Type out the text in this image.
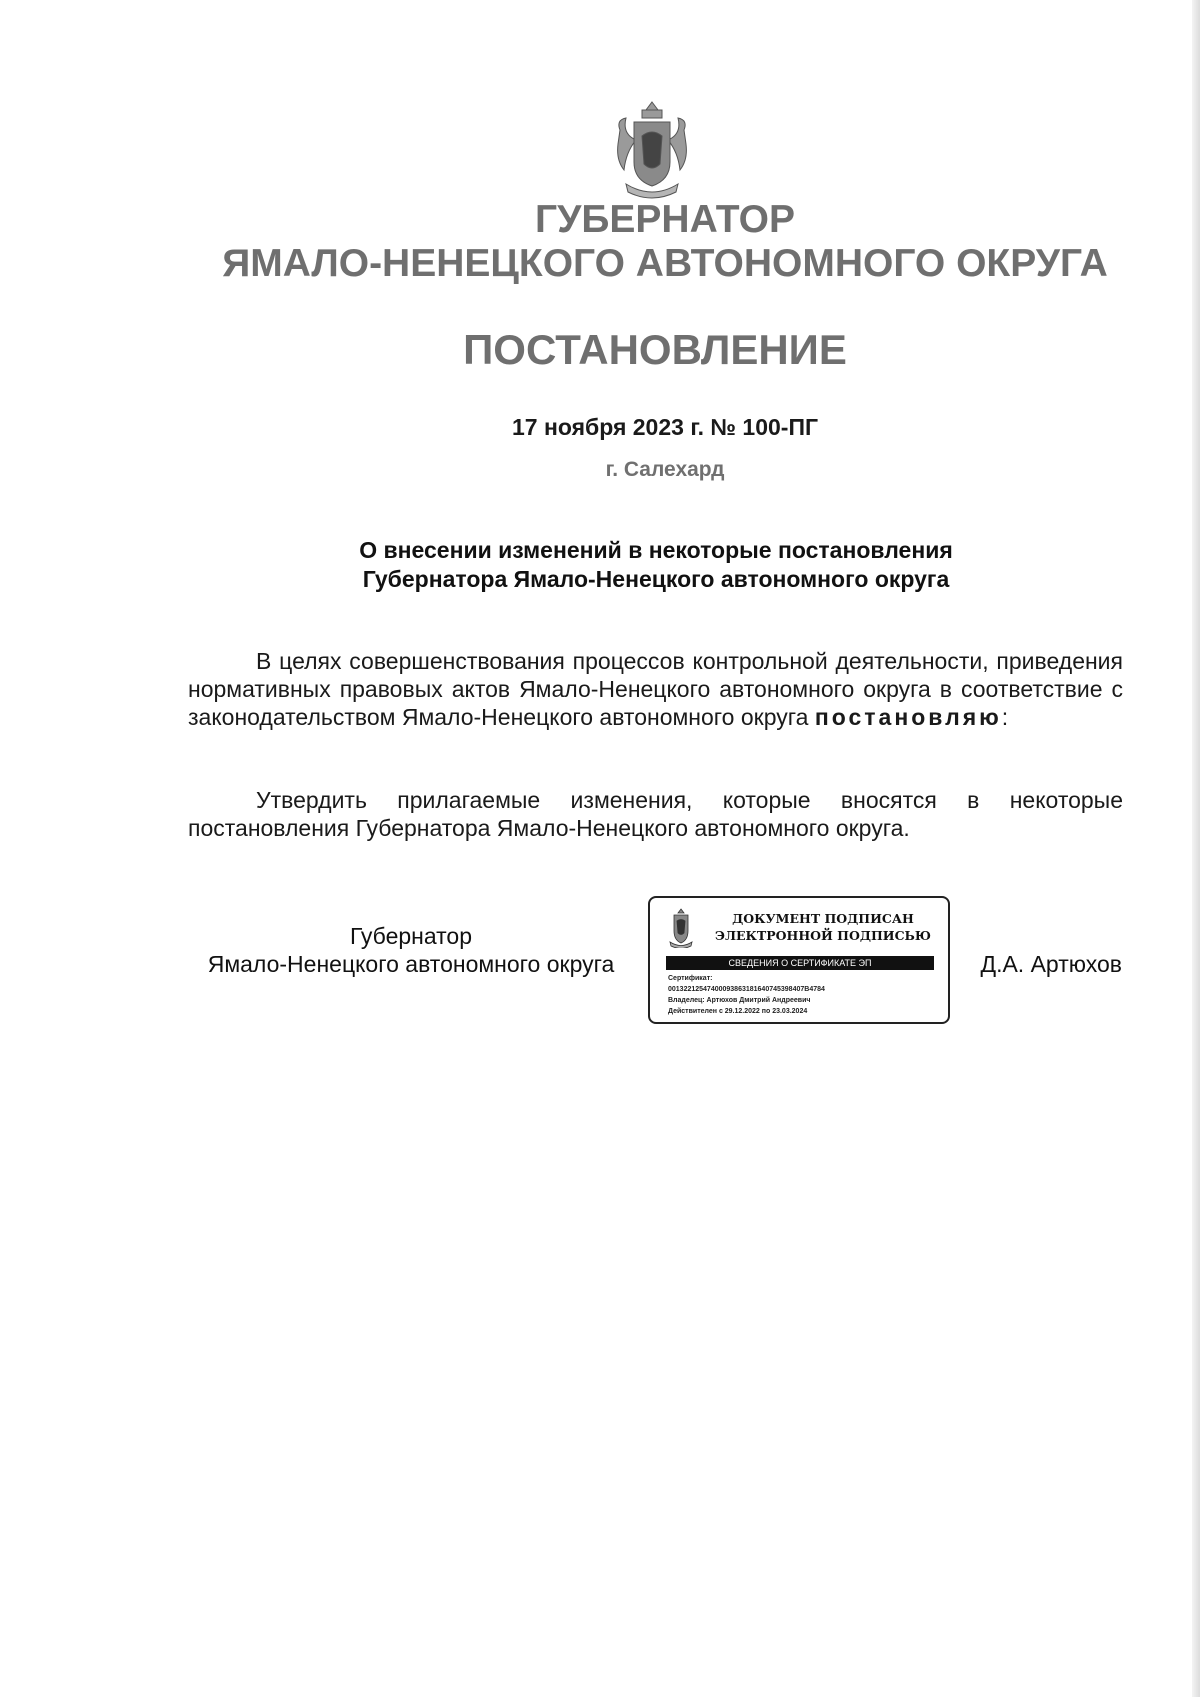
ГУБЕРНАТОР
ЯМАЛО-НЕНЕЦКОГО АВТОНОМНОГО ОКРУГА
ПОСТАНОВЛЕНИЕ
17 ноября 2023 г. № 100-ПГ
г. Салехард
О внесении изменений в некоторые постановления
Губернатора Ямало-Ненецкого автономного округа
В целях совершенствования процессов контрольной деятельности, приведения нормативных правовых актов Ямало-Ненецкого автономного округа в соответствие с законодательством Ямало-Ненецкого автономного округа постановляю:
Утвердить прилагаемые изменения, которые вносятся в некоторые постановления Губернатора Ямало-Ненецкого автономного округа.
Губернатор
Ямало-Ненецкого автономного округа
ДОКУМЕНТ ПОДПИСАН
ЭЛЕКТРОННОЙ ПОДПИСЬЮ
СВЕДЕНИЯ О СЕРТИФИКАТЕ ЭП
Сертификат:
00132212547400093863181640745398407B4784
Владелец: Артюхов Дмитрий Андреевич
Действителен с 29.12.2022 по 23.03.2024
Д.А. Артюхов
